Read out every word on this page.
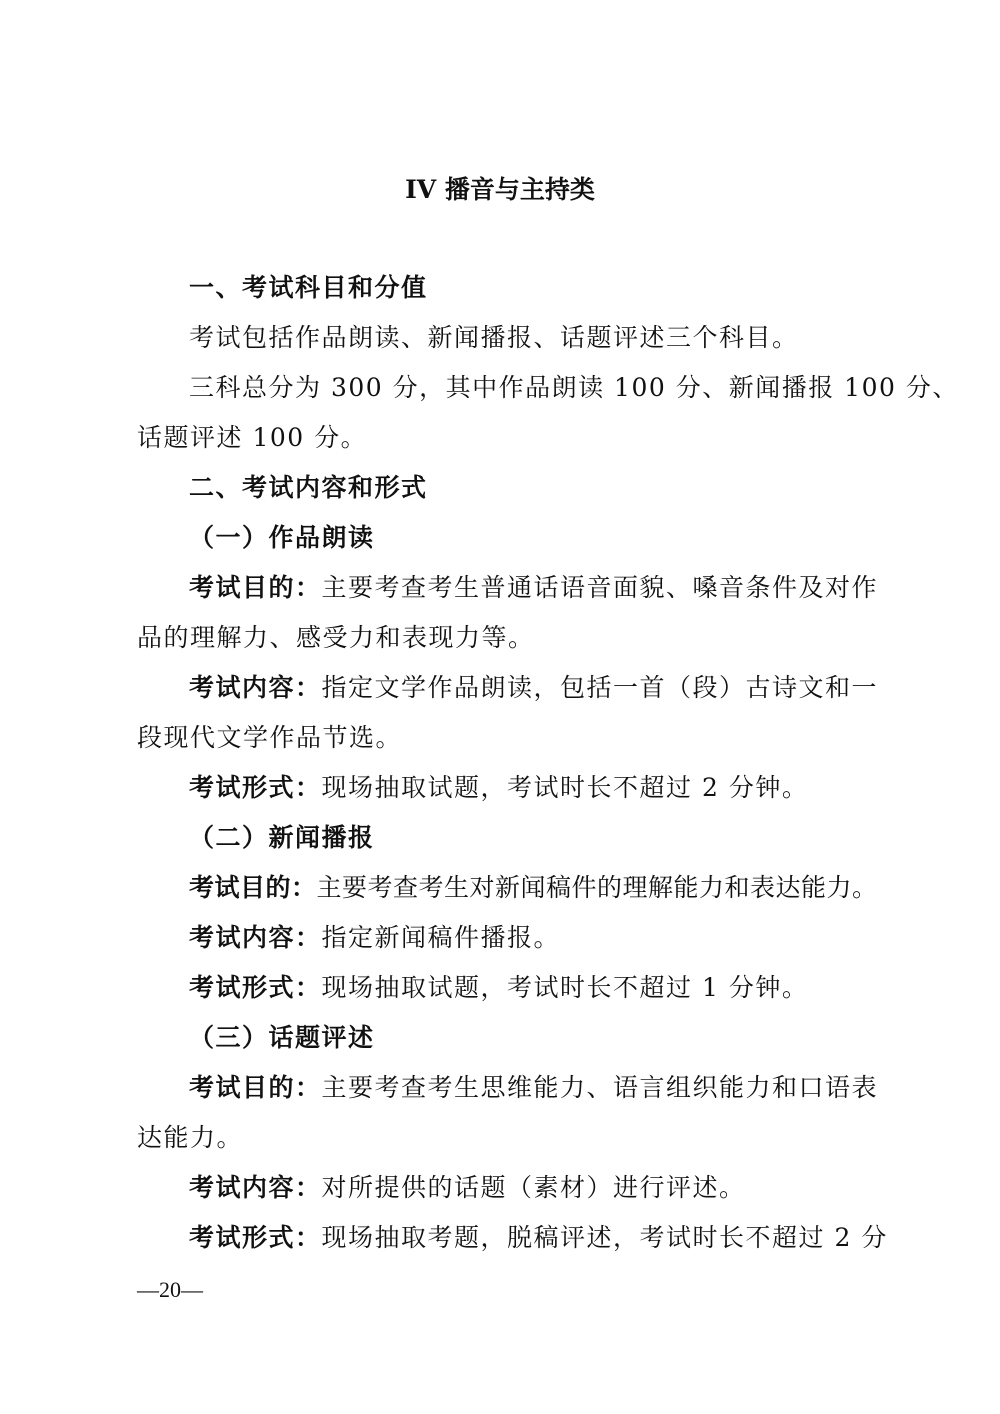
IV 播音与主持类
一、考试科目和分值
考试包括作品朗读、新闻播报、话题评述三个科目。
三科总分为 300 分，其中作品朗读 100 分、新闻播报 100 分、
话题评述 100 分。
二、考试内容和形式
（一）作品朗读
考试目的：主要考查考生普通话语音面貌、嗓音条件及对作
品的理解力、感受力和表现力等。
考试内容：指定文学作品朗读，包括一首（段）古诗文和一
段现代文学作品节选。
考试形式：现场抽取试题，考试时长不超过 2 分钟。
（二）新闻播报
考试目的：主要考查考生对新闻稿件的理解能力和表达能力。
考试内容：指定新闻稿件播报。
考试形式：现场抽取试题，考试时长不超过 1 分钟。
（三）话题评述
考试目的：主要考查考生思维能力、语言组织能力和口语表
达能力。
考试内容：对所提供的话题（素材）进行评述。
考试形式：现场抽取考题，脱稿评述，考试时长不超过 2 分
—20—
